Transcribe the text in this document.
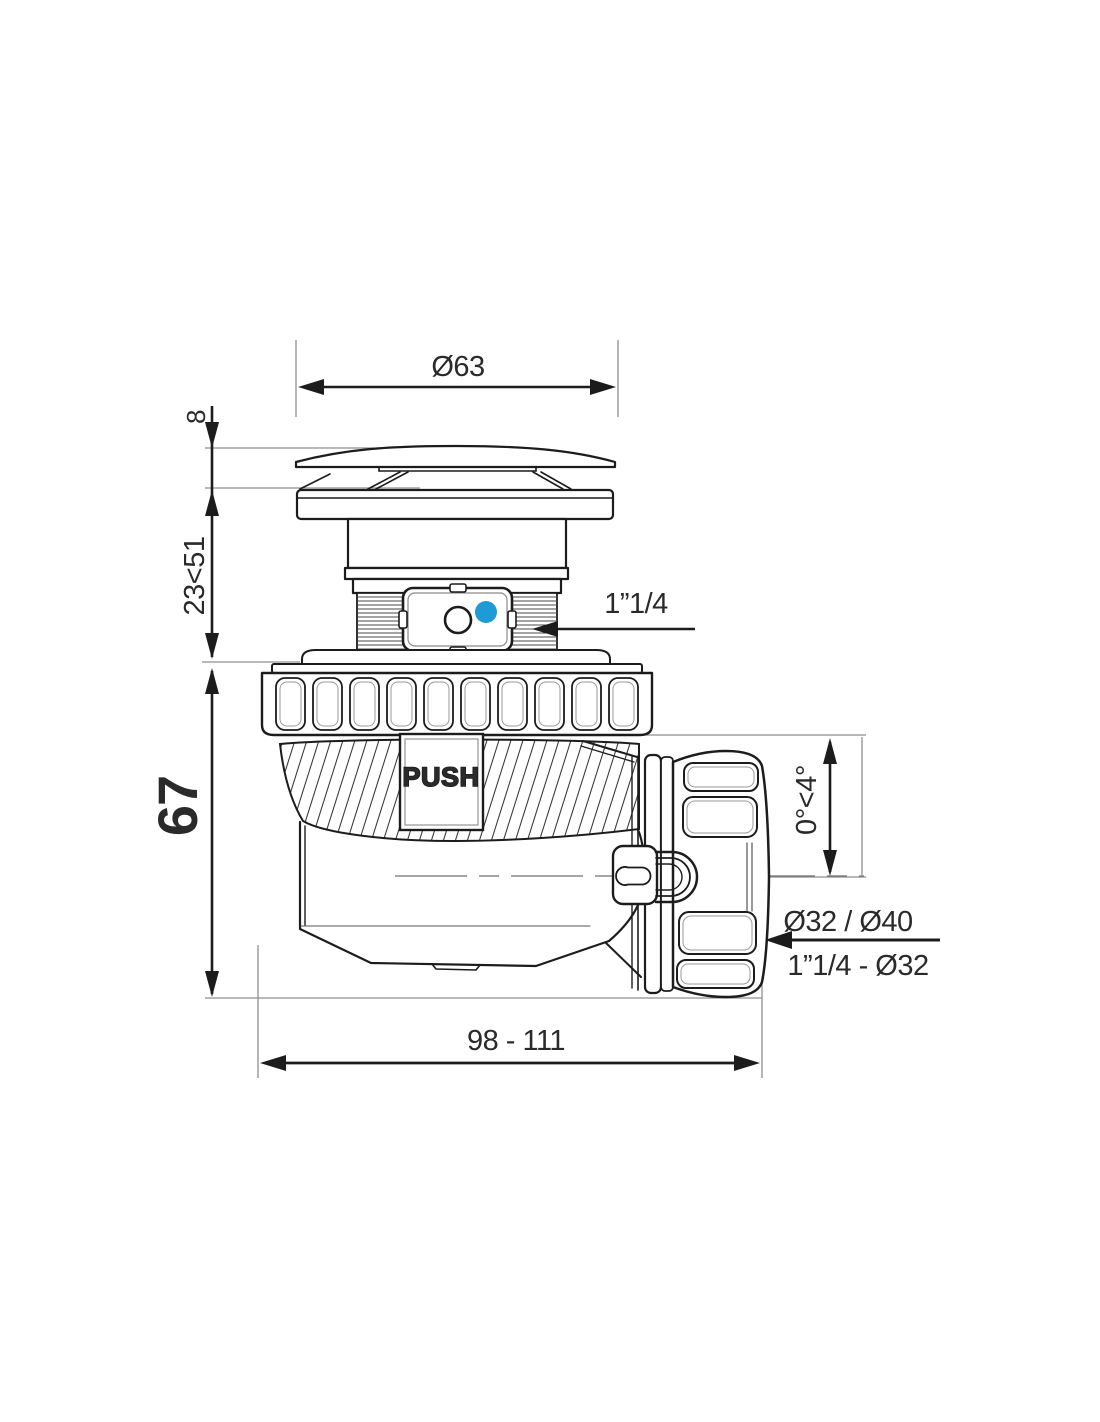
PUSH
Ø63
8
23<51
67
1”1/4
0°<4°
Ø32 / Ø40
1”1/4 - Ø32
98 - 111
